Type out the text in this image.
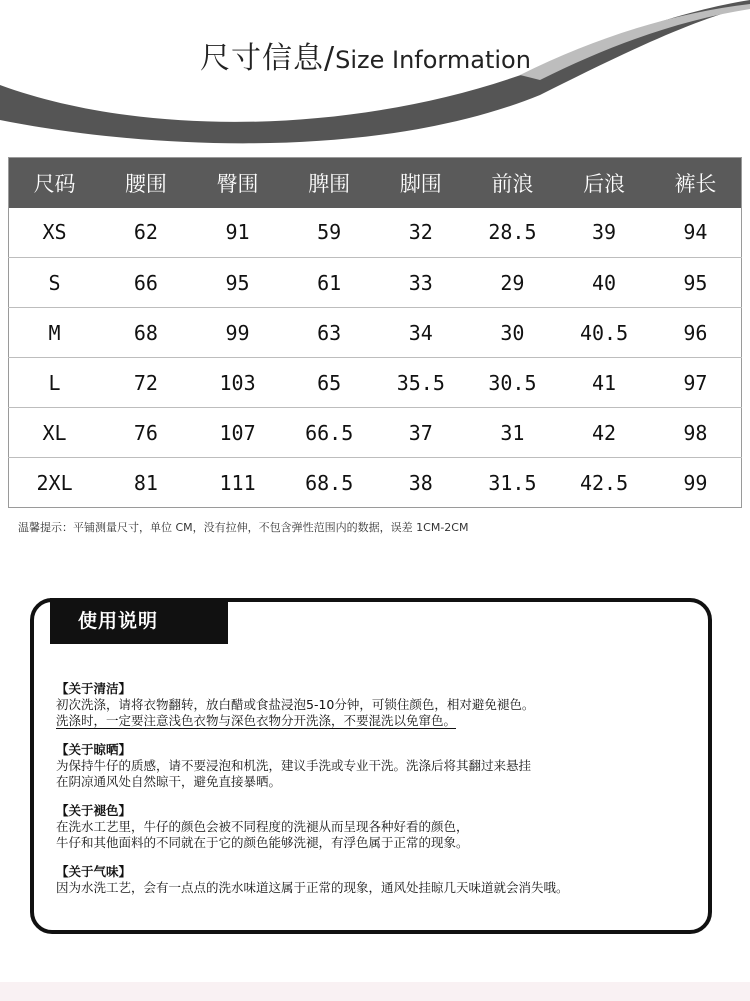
尺寸信息/Size Information
尺码	腰围	臀围	脾围	脚围	前浪	后浪	裤长
XS	62	91	59	32	28.5	39	94
S	66	95	61	33	29	40	95
M	68	99	63	34	30	40.5	96
L	72	103	65	35.5	30.5	41	97
XL	76	107	66.5	37	31	42	98
2XL	81	111	68.5	38	31.5	42.5	99
温馨提示：平铺测量尺寸，单位 CM，没有拉伸，不包含弹性范围内的数据，误差 1CM-2CM
使用说明
【关于清洁】

初次洗涤，请将衣物翻转，放白醋或食盐浸泡5-10分钟，可锁住颜色，相对避免褪色。

洗涤时，一定要注意浅色衣物与深色衣物分开洗涤，不要混洗以免窜色。

【关于晾晒】

为保持牛仔的质感，请不要浸泡和机洗，建议手洗或专业干洗。洗涤后将其翻过来悬挂

在阴凉通风处自然晾干，避免直接暴晒。

【关于褪色】

在洗水工艺里，牛仔的颜色会被不同程度的洗褪从而呈现各种好看的颜色，

牛仔和其他面料的不同就在于它的颜色能够洗褪，有浮色属于正常的现象。

【关于气味】

因为水洗工艺，会有一点点的洗水味道这属于正常的现象，通风处挂晾几天味道就会消失哦。
